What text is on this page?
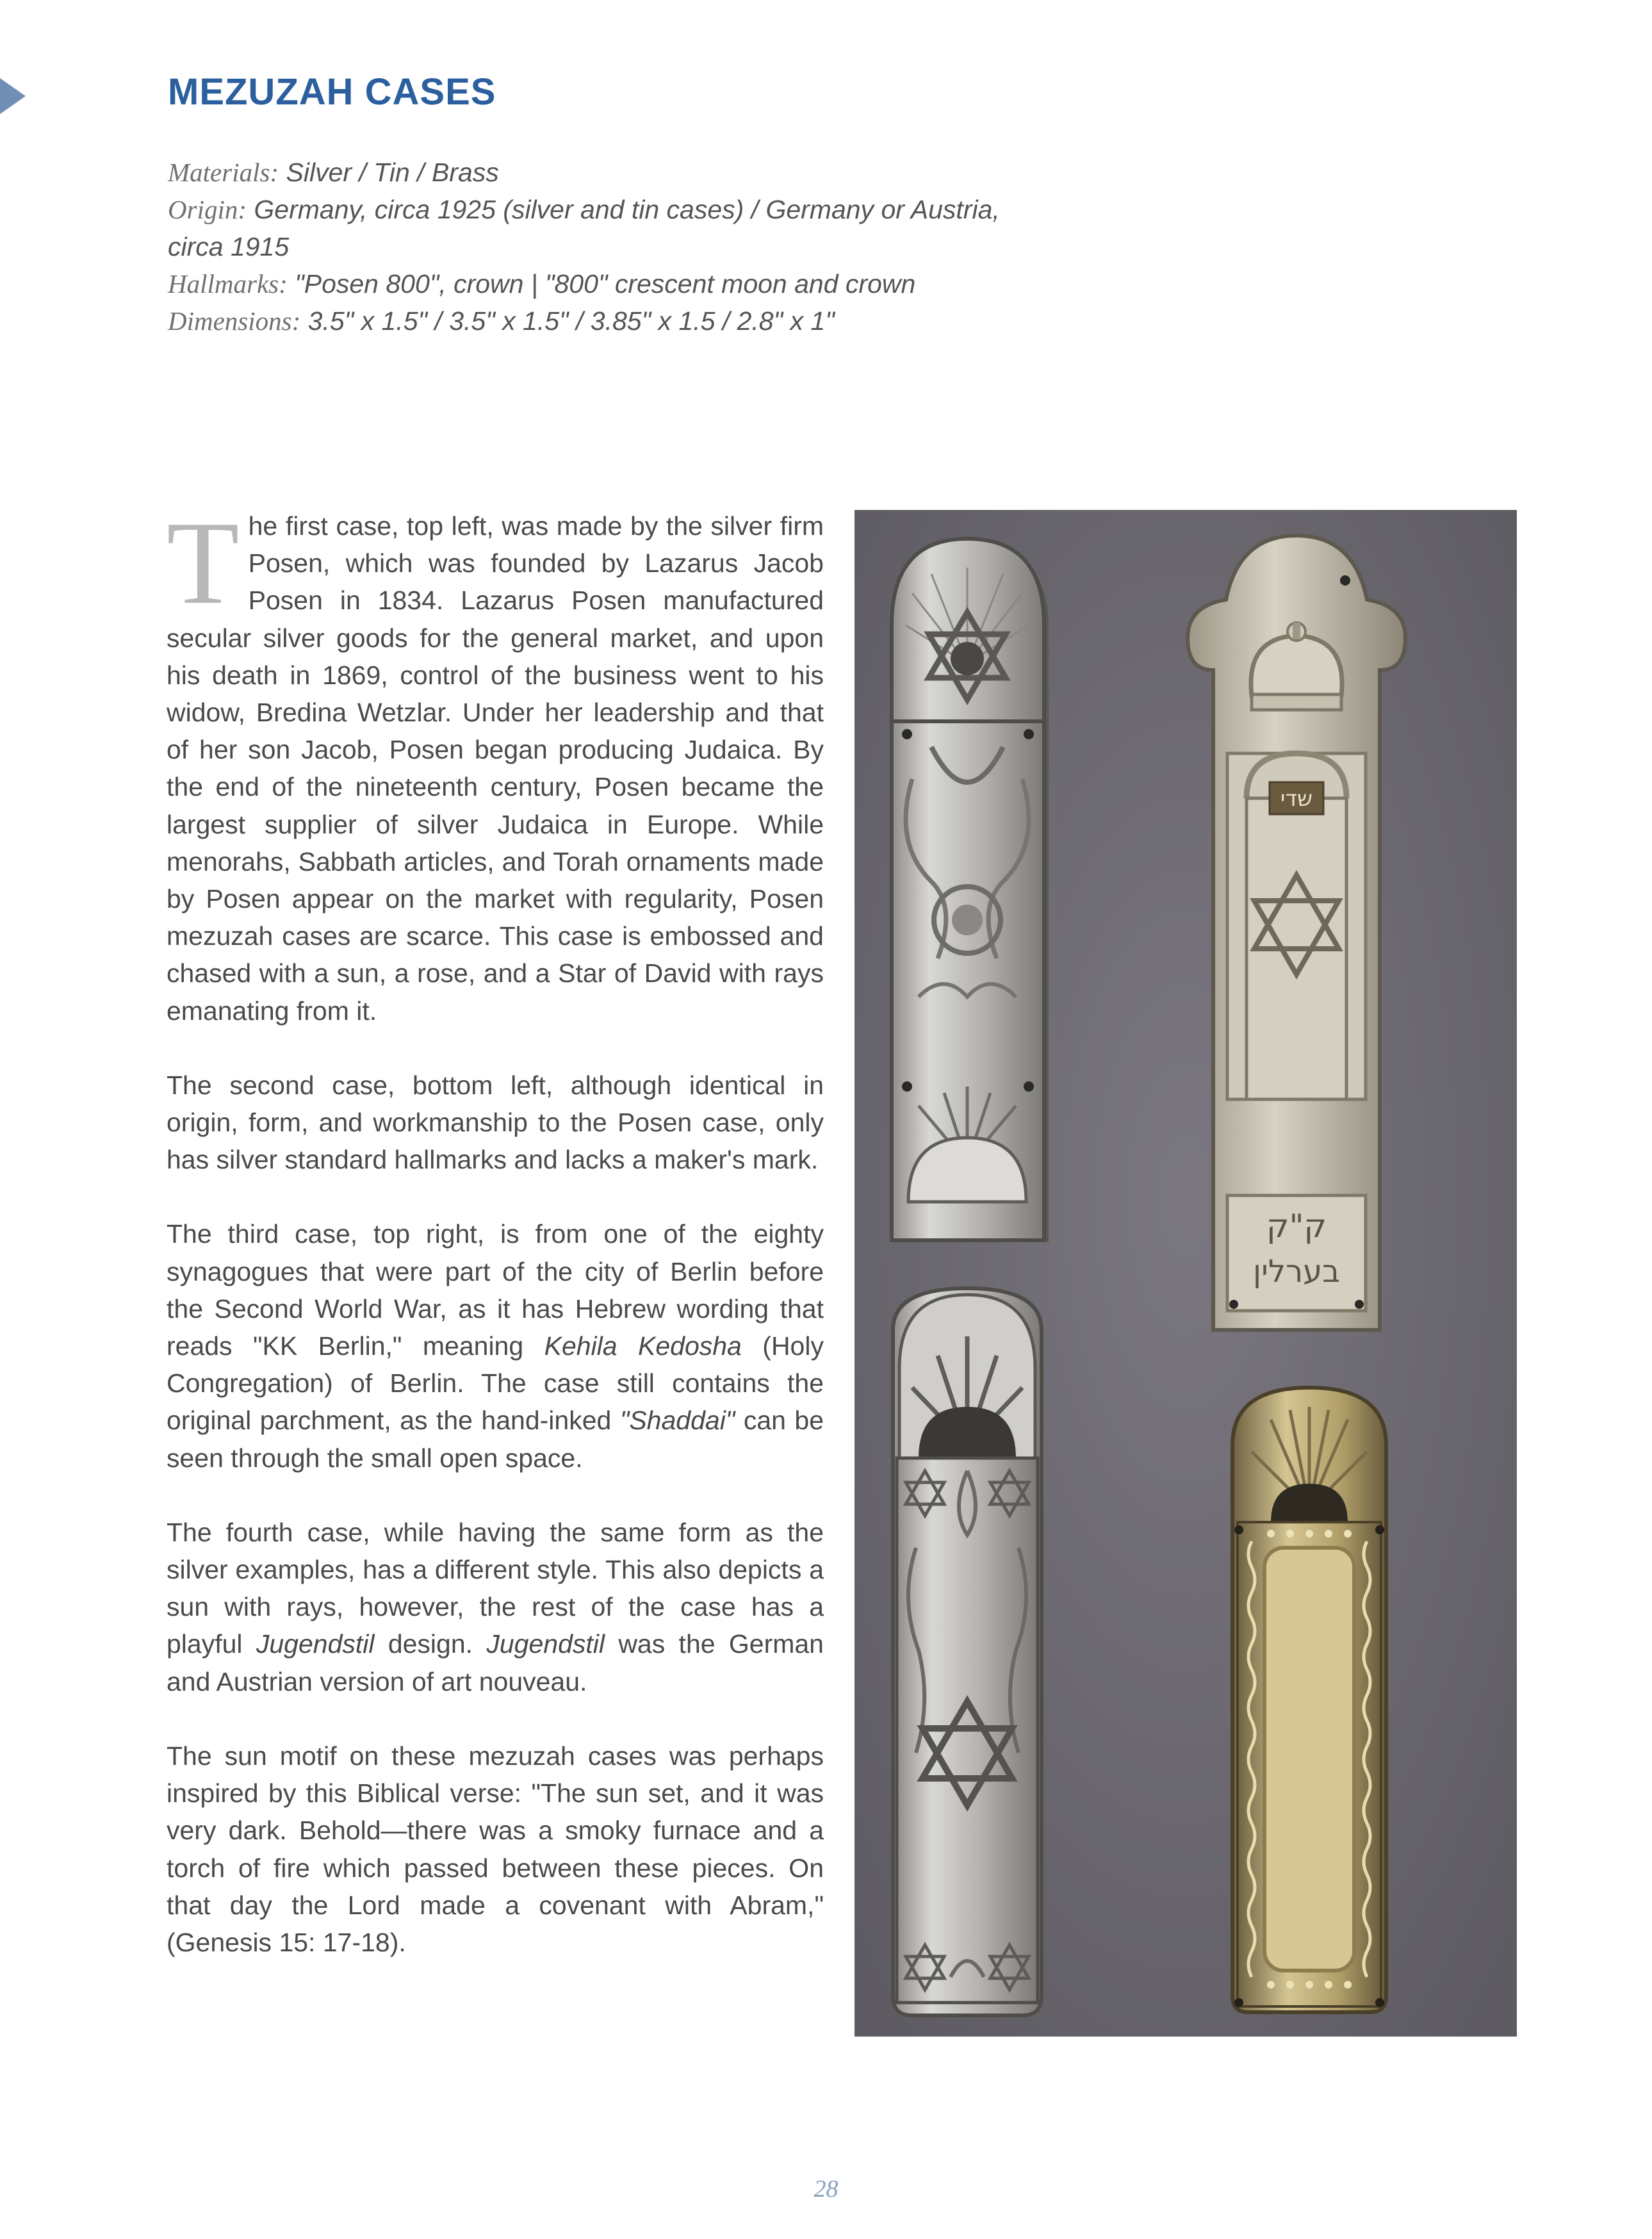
MEZUZAH CASES
Materials: Silver / Tin / Brass
Origin: Germany, circa 1925 (silver and tin cases) / Germany or Austria,
circa 1915
Hallmarks: "Posen 800", crown | "800" crescent moon and crown
Dimensions: 3.5" x 1.5" / 3.5" x 1.5" / 3.85" x 1.5 / 2.8" x 1"

The first case, top left, was made by the silver firm Posen, which was founded by Lazarus Jacob Posen in 1834. Lazarus Posen manufactured secular silver goods for the general market, and upon his death in 1869, control of the business went to his widow, Bredina Wetzlar. Under her leadership and that of her son Jacob, Posen began producing Judaica. By the end of the nineteenth century, Posen became the largest supplier of silver Judaica in Europe. While menorahs, Sabbath articles, and Torah ornaments made by Posen appear on the market with regularity, Posen mezuzah cases are scarce. This case is embossed and chased with a sun, a rose, and a Star of David with rays emanating from it.

The second case, bottom left, although identical in origin, form, and workmanship to the Posen case, only has silver standard hallmarks and lacks a maker's mark.

The third case, top right, is from one of the eighty synagogues that were part of the city of Berlin before the Second World War, as it has Hebrew wording that reads "KK Berlin," meaning Kehila Kedosha (Holy Congregation) of Berlin. The case still contains the original parchment, as the hand-inked "Shaddai" can be seen through the small open space.

The fourth case, while having the same form as the silver examples, has a different style. This also depicts a sun with rays, however, the rest of the case has a playful Jugendstil design. Jugendstil was the German and Austrian version of art nouveau.

The sun motif on these mezuzah cases was perhaps inspired by this Biblical verse: "The sun set, and it was very dark. Behold—there was a smoky furnace and a torch of fire which passed between these pieces. On that day the Lord made a covenant with Abram," (Genesis 15: 17-18).

שדי
ק"ק
בערלין
28
